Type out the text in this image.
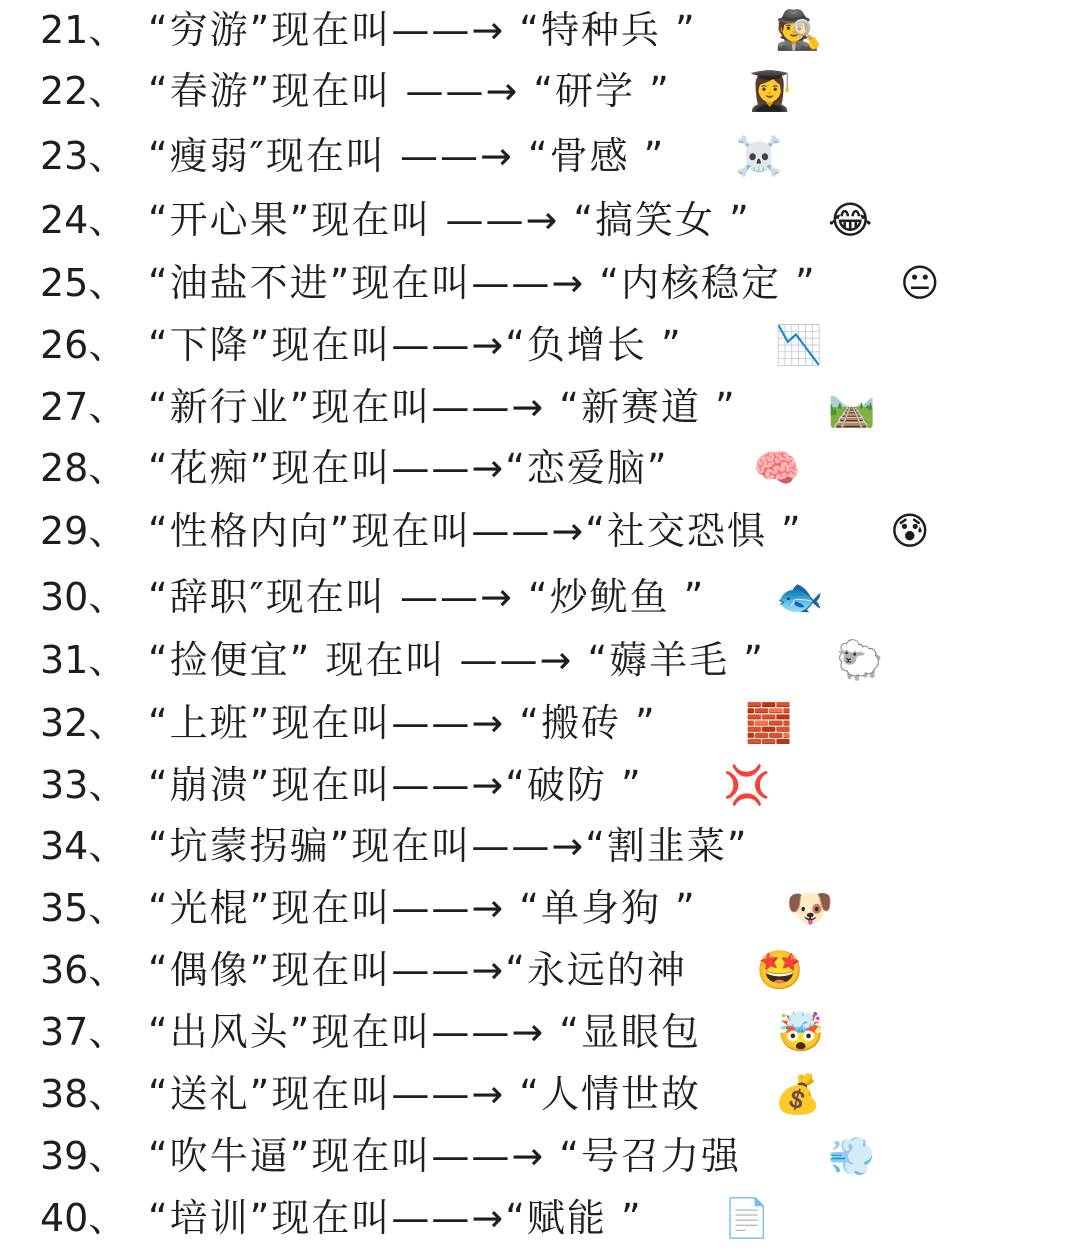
21、 “穷游”现在叫——→ “特种兵 ” 🕵️
22、 “春游”现在叫 ——→ “研学 ” 👩‍🎓
23、 “瘦弱″现在叫 ——→ “骨感 ” ☠️
24、 “开心果”现在叫 ——→ “搞笑女 ” 😂
25、 “油盐不进”现在叫——→ “内核稳定 ” 😐
26、 “下降”现在叫——→“负增长 ” 📉
27、 “新行业”现在叫——→ “新赛道 ” 🛤️
28、 “花痴”现在叫——→“恋爱脑” 🧠
29、 “性格内向”现在叫——→“社交恐惧 ” 😰
30、 “辞职″现在叫 ——→ “炒鱿鱼 ” 🐟
31、 “捡便宜” 现在叫 ——→ “薅羊毛 ” 🐑
32、 “上班”现在叫——→ “搬砖 ” 🧱
33、 “崩溃”现在叫——→“破防 ” 💢
34、 “坑蒙拐骗”现在叫——→“割韭菜”
35、 “光棍”现在叫——→ “单身狗 ” 🐶
36、 “偶像”现在叫——→“永远的神 🤩
37、 “出风头”现在叫——→ “显眼包 🤯
38、 “送礼”现在叫——→ “人情世故 💰
39、 “吹牛逼”现在叫——→ “号召力强 💨
40、 “培训”现在叫——→“赋能 ” 📄
